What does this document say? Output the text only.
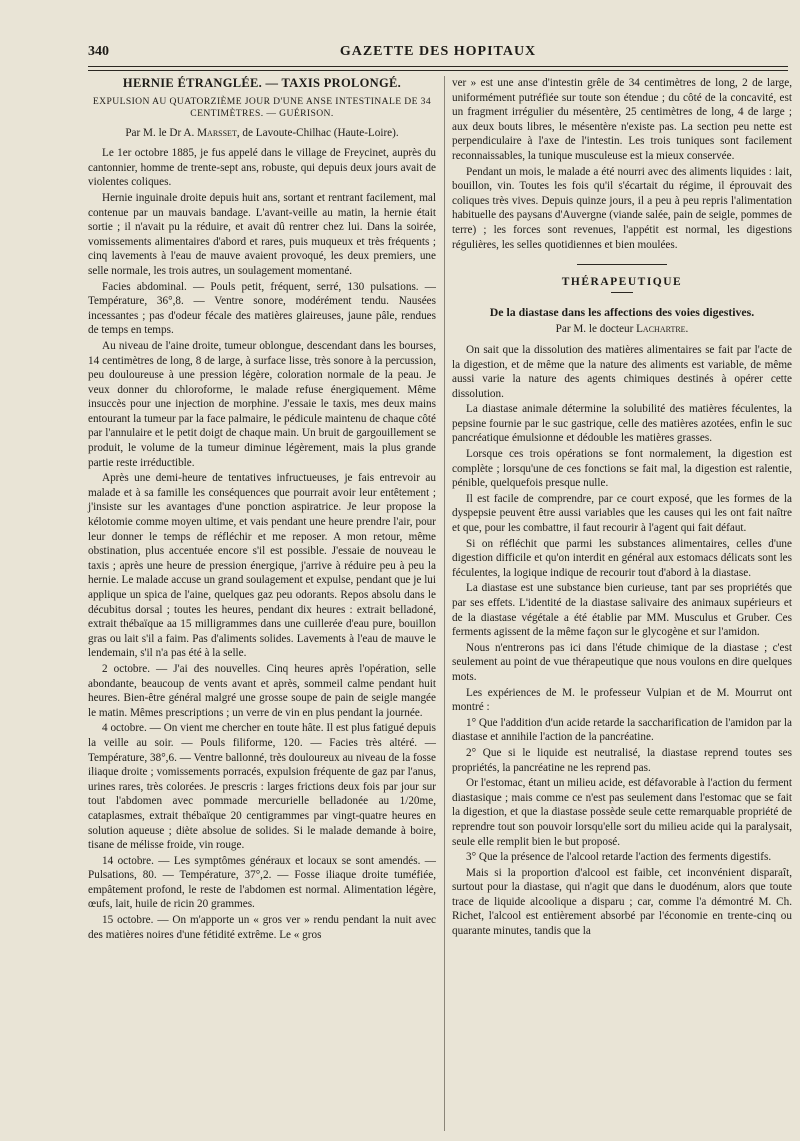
340	GAZETTE DES HOPITAUX
HERNIE ÉTRANGLÉE. — TAXIS PROLONGÉ.

EXPULSION AU QUATORZIÈME JOUR D'UNE ANSE INTESTINALE DE 34 CENTIMÈTRES. — GUÉRISON.

Par M. le Dr A. Marsset, de Lavoute-Chilhac (Haute-Loire).

Le 1er octobre 1885, je fus appelé dans le village de Freycinet, auprès du cantonnier, homme de trente-sept ans, robuste, qui depuis deux jours avait de violentes coliques.

Hernie inguinale droite depuis huit ans, sortant et rentrant facilement, mal contenue par un mauvais bandage. L'avant-veille au matin, la hernie était sortie ; il n'avait pu la réduire, et avait dû rentrer chez lui. Dans la soirée, vomissements alimentaires d'abord et rares, puis muqueux et très fréquents ; cinq lavements à l'eau de mauve avaient provoqué, les deux premiers, une selle normale, les trois autres, un soulagement momentané.

Facies abdominal. — Pouls petit, fréquent, serré, 130 pulsations. — Température, 36°,8. — Ventre sonore, modérément tendu. Nausées incessantes ; pas d'odeur fécale des matières glaireuses, jaune pâle, rendues de temps en temps.

Au niveau de l'aine droite, tumeur oblongue, descendant dans les bourses, 14 centimètres de long, 8 de large, à surface lisse, très sonore à la percussion, peu douloureuse à une pression légère, coloration normale de la peau. Je veux donner du chloroforme, le malade refuse énergiquement. Même insuccès pour une injection de morphine. J'essaie le taxis, mes deux mains entourant la tumeur par la face palmaire, le pédicule maintenu de chaque côté par l'annulaire et le petit doigt de chaque main. Un bruit de gargouillement se produit, le volume de la tumeur diminue légèrement, mais la plus grande partie reste irréductible.

Après une demi-heure de tentatives infructueuses, je fais entrevoir au malade et à sa famille les conséquences que pourrait avoir leur entêtement ; j'insiste sur les avantages d'une ponction aspiratrice. Je leur propose la kélotomie comme moyen ultime, et vais pendant une heure prendre l'air, pour leur donner le temps de réfléchir et me reposer. A mon retour, même obstination, plus accentuée encore s'il est possible. J'essaie de nouveau le taxis ; après une heure de pression énergique, j'arrive à réduire peu à peu la hernie. Le malade accuse un grand soulagement et expulse, pendant que je lui applique un spica de l'aine, quelques gaz peu odorants. Repos absolu dans le décubitus dorsal ; toutes les heures, pendant dix heures : extrait belladoné, extrait thébaïque aa 15 milligrammes dans une cuillerée d'eau pure, bouillon gras ou lait s'il a faim. Pas d'aliments solides. Lavements à l'eau de mauve le lendemain, s'il n'a pas été à la selle.

2 octobre. — J'ai des nouvelles. Cinq heures après l'opération, selle abondante, beaucoup de vents avant et après, sommeil calme pendant huit heures. Bien-être général malgré une grosse soupe de pain de seigle mangée le matin. Mêmes prescriptions ; un verre de vin en plus pendant la journée.

4 octobre. — On vient me chercher en toute hâte. Il est plus fatigué depuis la veille au soir. — Pouls filiforme, 120. — Facies très altéré. — Température, 38°,6. — Ventre ballonné, très douloureux au niveau de la fosse iliaque droite ; vomissements porracés, expulsion fréquente de gaz par l'anus, urines rares, très colorées. Je prescris : larges frictions deux fois par jour sur tout l'abdomen avec pommade mercurielle belladonée au 1/20me, cataplasmes, extrait thébaïque 20 centigrammes par vingt-quatre heures en solution aqueuse ; diète absolue de solides. Si le malade demande à boire, tisane de mélisse froide, vin rouge.

14 octobre. — Les symptômes généraux et locaux se sont amendés. — Pulsations, 80. — Température, 37°,2. — Fosse iliaque droite tuméfiée, empâtement profond, le reste de l'abdomen est normal. Alimentation légère, œufs, lait, huile de ricin 20 grammes.

15 octobre. — On m'apporte un « gros ver » rendu pendant la nuit avec des matières noires d'une fétidité extrême. Le « gros

ver » est une anse d'intestin grêle de 34 centimètres de long, 2 de large, uniformément putréfiée sur toute son étendue ; du côté de la concavité, est un fragment irrégulier du mésentère, 25 centimètres de long, 4 de large ; aux deux bouts libres, le mésentère n'existe pas. La section peu nette est perpendiculaire à l'axe de l'intestin. Les trois tuniques sont facilement reconnaissables, la tunique musculeuse est la mieux conservée.

Pendant un mois, le malade a été nourri avec des aliments liquides : lait, bouillon, vin. Toutes les fois qu'il s'écartait du régime, il éprouvait des coliques très vives. Depuis quinze jours, il a peu à peu repris l'alimentation habituelle des paysans d'Auvergne (viande salée, pain de seigle, pommes de terre) ; les forces sont revenues, l'appétit est normal, les digestions régulières, les selles quotidiennes et bien moulées.

THÉRAPEUTIQUE
De la diastase dans les affections des voies digestives.

Par M. le docteur Lachartre.

On sait que la dissolution des matières alimentaires se fait par l'acte de la digestion, et de même que la nature des aliments est variable, de même aussi varie la nature des agents chimiques destinés à opérer cette dissolution.

La diastase animale détermine la solubilité des matières féculentes, la pepsine fournie par le suc gastrique, celle des matières azotées, enfin le suc pancréatique émulsionne et dédouble les matières grasses.

Lorsque ces trois opérations se font normalement, la digestion est complète ; lorsqu'une de ces fonctions se fait mal, la digestion est ralentie, pénible, quelquefois presque nulle.

Il est facile de comprendre, par ce court exposé, que les formes de la dyspepsie peuvent être aussi variables que les causes qui les ont fait naître et que, pour les combattre, il faut recourir à l'agent qui fait défaut.

Si on réfléchit que parmi les substances alimentaires, celles d'une digestion difficile et qu'on interdit en général aux estomacs délicats sont les féculentes, la logique indique de recourir tout d'abord à la diastase.

La diastase est une substance bien curieuse, tant par ses propriétés que par ses effets. L'identité de la diastase salivaire des animaux supérieurs et de la diastase végétale a été établie par MM. Musculus et Gruber. Ces ferments agissent de la même façon sur le glycogène et sur l'amidon.

Nous n'entrerons pas ici dans l'étude chimique de la diastase ; c'est seulement au point de vue thérapeutique que nous voulons en dire quelques mots.

Les expériences de M. le professeur Vulpian et de M. Mourrut ont montré :

1° Que l'addition d'un acide retarde la saccharification de l'amidon par la diastase et annihile l'action de la pancréatine.

2° Que si le liquide est neutralisé, la diastase reprend toutes ses propriétés, la pancréatine ne les reprend pas.

Or l'estomac, étant un milieu acide, est défavorable à l'action du ferment diastasique ; mais comme ce n'est pas seulement dans l'estomac que se fait la digestion, et que la diastase possède seule cette remarquable propriété de reprendre tout son pouvoir lorsqu'elle sort du milieu acide qui la paralysait, seule elle remplit bien le but proposé.

3° Que la présence de l'alcool retarde l'action des ferments digestifs.

Mais si la proportion d'alcool est faible, cet inconvénient disparaît, surtout pour la diastase, qui n'agit que dans le duodénum, alors que toute trace de liquide alcoolique a disparu ; car, comme l'a démontré M. Ch. Richet, l'alcool est entièrement absorbé par l'économie en trente-cinq ou quarante minutes, tandis que la
